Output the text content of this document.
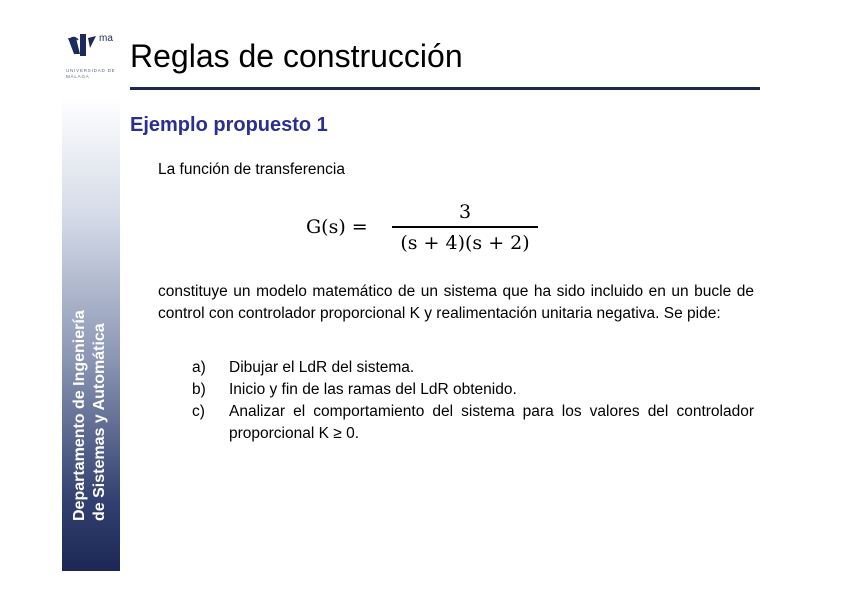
ma
UNIVERSIDAD DE MÁLAGA
Departamento de Ingeniería de Sistemas y Automática
Reglas de construcción
Ejemplo propuesto 1
La función de transferencia
G(s) =
3
(s + 4)(s + 2)

constituye un modelo matemático de un sistema que ha sido incluido en un bucle de control con controlador proporcional K y realimentación unitaria negativa. Se pide:

a)	Dibujar el LdR del sistema.
b)	Inicio y fin de las ramas del LdR obtenido.
c)	Analizar el comportamiento del sistema para los valores del controlador proporcional K ≥ 0.
